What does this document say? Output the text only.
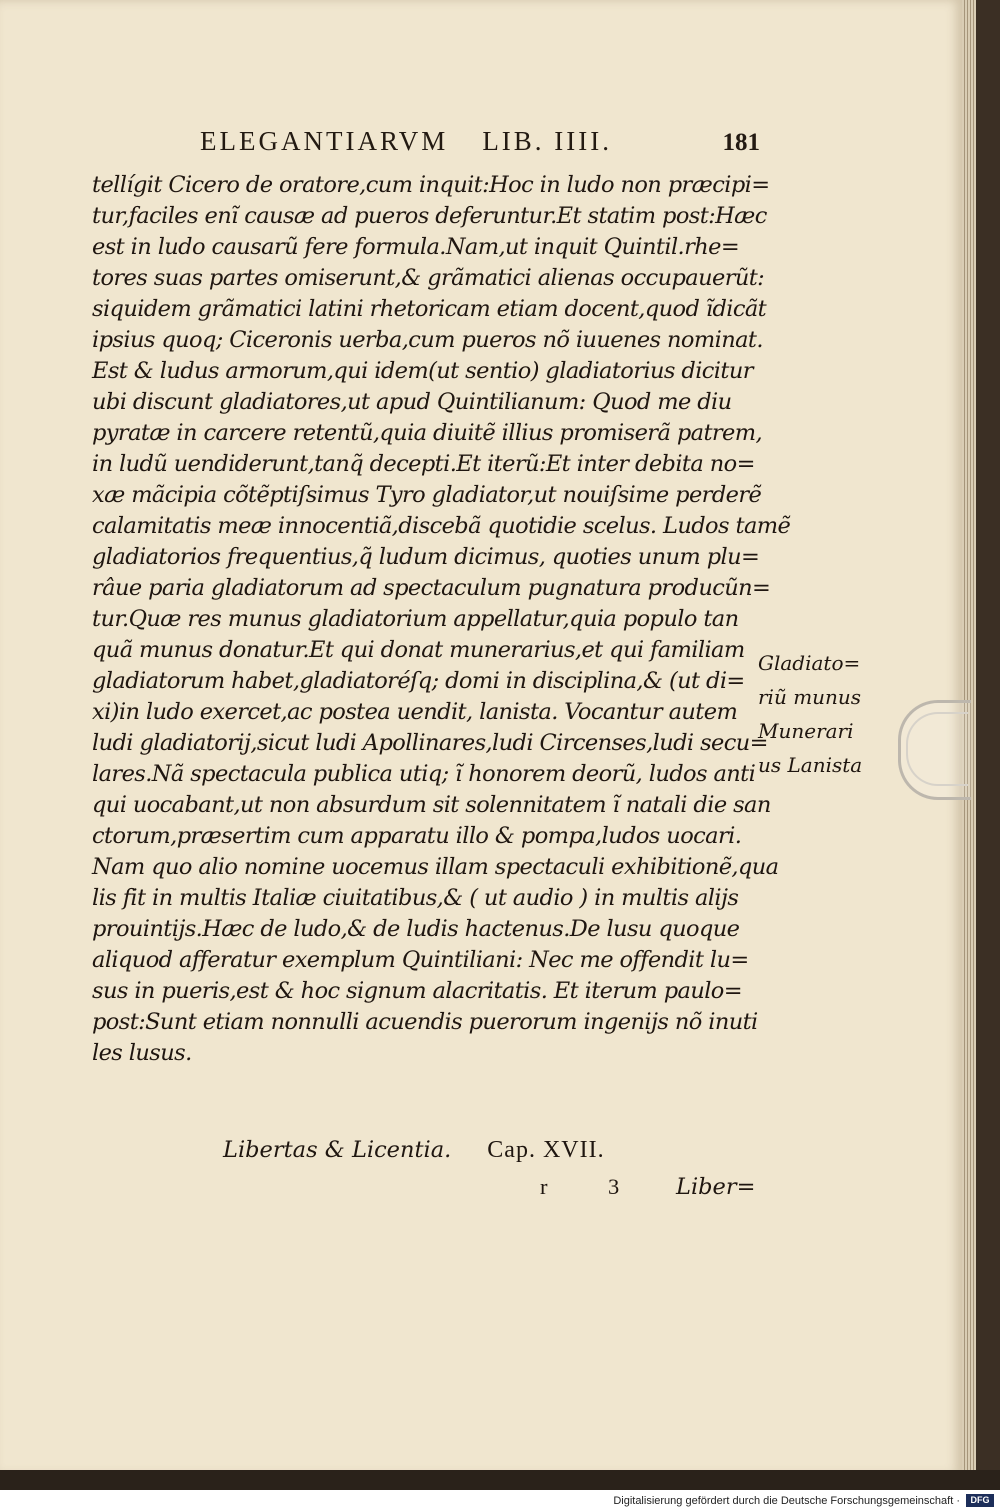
ELEGANTIARVM LIB. IIII.	181
tellígit Cicero de oratore,cum inquit:Hoc in ludo non præcipi=
tur,faciles enĩ causæ ad pueros deferuntur.Et statim post:Hæc
est in ludo causarũ fere formula.Nam,ut inquit Quintil.rhe=
tores suas partes omiserunt,& grãmatici alienas occupauerũt:
siquidem grãmatici latini rhetoricam etiam docent,quod ĩdicãt
ipsius quoq; Ciceronis uerba,cum pueros nõ iuuenes nominat.
Est & ludus armorum,qui idem(ut sentio) gladiatorius dicitur
ubi discunt gladiatores,ut apud Quintilianum: Quod me diu
pyratæ in carcere retentũ,quia diuitẽ illius promiserã patrem,
in ludũ uendiderunt,tanq̃ decepti.Et iterũ:Et inter debita no=
xæ mãcipia cõtẽptiſsimus Tyro gladiator,ut nouiſsime perderẽ
calamitatis meæ innocentiã,discebã quotidie scelus. Ludos tamẽ
gladiatorios frequentius,q̃ ludum dicimus, quoties unum plu=
râue paria gladiatorum ad spectaculum pugnatura producũn=
tur.Quæ res munus gladiatorium appellatur,quia populo tan
quã munus donatur.Et qui donat munerarius,et qui familiam
gladiatorum habet,gladiatoréſq; domi in disciplina,& (ut di=
xi)in ludo exercet,ac postea uendit, lanista. Vocantur autem
ludi gladiatorij,sicut ludi Apollinares,ludi Circenses,ludi secu=
lares.Nã spectacula publica utiq; ĩ honorem deorũ, ludos anti
qui uocabant,ut non absurdum sit solennitatem ĩ natali die san
ctorum,præsertim cum apparatu illo & pompa,ludos uocari.
Nam quo alio nomine uocemus illam spectaculi exhibitionẽ,qua
lis fit in multis Italiæ ciuitatibus,& ( ut audio ) in multis alijs
prouintijs.Hæc de ludo,& de ludis hactenus.De lusu quoque
aliquod afferatur exemplum Quintiliani: Nec me offendit lu=
sus in pueris,est & hoc signum alacritatis. Et iterum paulo=
post:Sunt etiam nonnulli acuendis puerorum ingenijs nõ inuti
les lusus.
Gladiato=
riũ munus
Munerari
us Lanista
Libertas & Licentia. Cap. XVII.
r	3	Liber=
Digitalisierung gefördert durch die Deutsche Forschungsgemeinschaft ·	DFG
